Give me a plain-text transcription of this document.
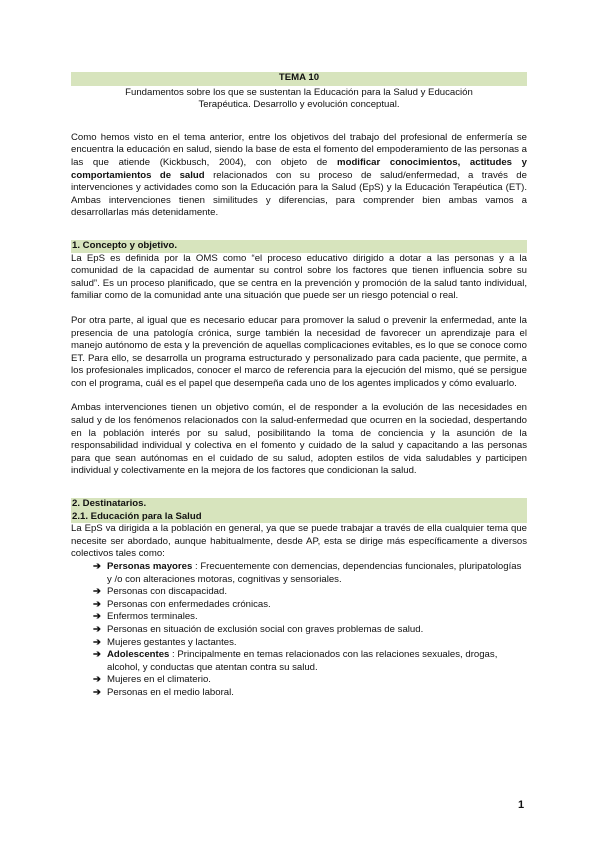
TEMA 10
Fundamentos sobre los que se sustentan la Educación para la Salud y Educación Terapéutica. Desarrollo y evolución conceptual.

Como hemos visto en el tema anterior, entre los objetivos del trabajo del profesional de enfermería se encuentra la educación en salud, siendo la base de esta el fomento del empoderamiento de las personas a las que atiende (Kickbusch, 2004), con objeto de modificar conocimientos, actitudes y comportamientos de salud relacionados con su proceso de salud/enfermedad, a través de intervenciones y actividades como son la Educación para la Salud (EpS) y la Educación Terapéutica (ET). Ambas intervenciones tienen similitudes y diferencias, para comprender bien ambas vamos a desarrollarlas más detenidamente.

1. Concepto y objetivo.

La EpS es definida por la OMS como “el proceso educativo dirigido a dotar a las personas y a la comunidad de la capacidad de aumentar su control sobre los factores que tienen influencia sobre su salud”. Es un proceso planificado, que se centra en la prevención y promoción de la salud tanto individual, familiar como de la comunidad ante una situación que puede ser un riesgo potencial o real.

Por otra parte, al igual que es necesario educar para promover la salud o prevenir la enfermedad, ante la presencia de una patología crónica, surge también la necesidad de favorecer un aprendizaje para el manejo autónomo de esta y la prevención de aquellas complicaciones evitables, es lo que se conoce como ET. Para ello, se desarrolla un programa estructurado y personalizado para cada paciente, que permite, a los profesionales implicados, conocer el marco de referencia para la ejecución del mismo, qué se persigue con el programa, cuál es el papel que desempeña cada uno de los agentes implicados y cómo evaluarlo.

Ambas intervenciones tienen un objetivo común, el de responder a la evolución de las necesidades en salud y de los fenómenos relacionados con la salud-enfermedad que ocurren en la sociedad, despertando en la población interés por su salud, posibilitando la toma de conciencia y la asunción de la responsabilidad individual y colectiva en el fomento y cuidado de la salud y capacitando a las personas para que sean autónomas en el cuidado de su salud, adopten estilos de vida saludables y participen individual y colectivamente en la mejora de los factores que condicionan la salud.

2. Destinatarios.
2.1. Educación para la Salud

La EpS va dirigida a la población en general, ya que se puede trabajar a través de ella cualquier tema que necesite ser abordado, aunque habitualmente, desde AP, esta se dirige más específicamente a diversos colectivos tales como:

➔ Personas mayores : Frecuentemente con demencias, dependencias funcionales, pluripatologías y /o con alteraciones motoras, cognitivas y sensoriales.
➔ Personas con discapacidad.
➔ Personas con enfermedades crónicas.
➔ Enfermos terminales.
➔ Personas en situación de exclusión social con graves problemas de salud.
➔ Mujeres gestantes y lactantes.
➔ Adolescentes : Principalmente en temas relacionados con las relaciones sexuales, drogas, alcohol, y conductas que atentan contra su salud.
➔ Mujeres en el climaterio.
➔ Personas en el medio laboral.
1
